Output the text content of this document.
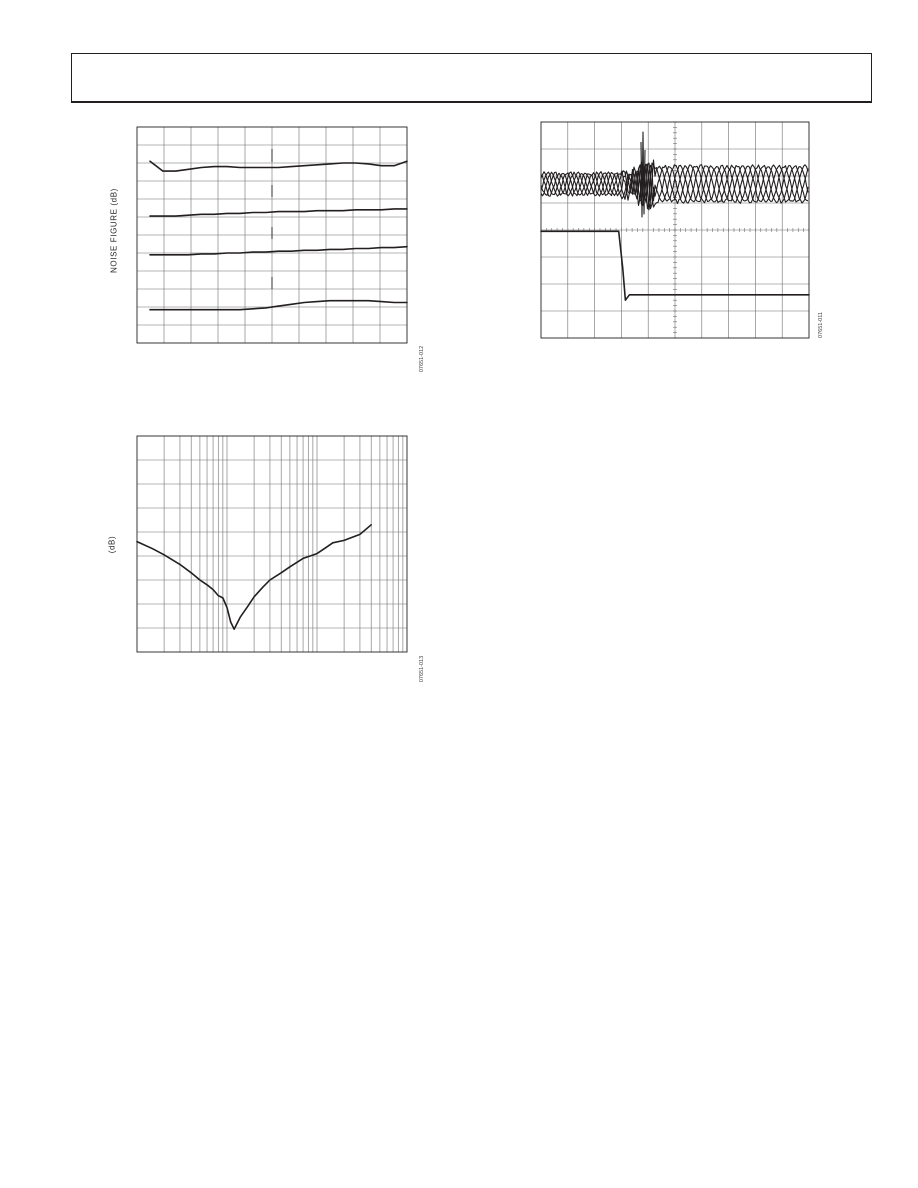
NOISE FIGURE (dB)
07651-012
(dB)
07651-013
07651-011
